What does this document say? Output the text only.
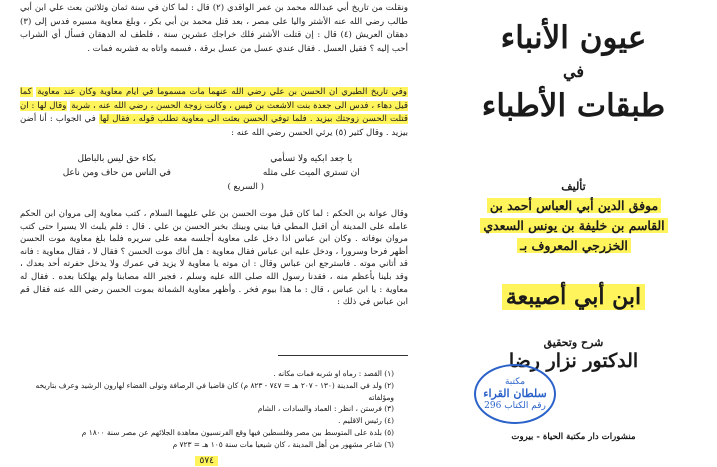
ونقلت من تاريخ أبي عبدالله محمد بن عمر الواقدي (٢) قال : لما كان في سنة ثمان وثلاثين بعث علي ابن أبي طالب رضي الله عنه الأشتر واليا على مصر ، بعد قتل محمد بن أبي بكر ، وبلغ معاوية مسيره فدس إلى (٣) دهقان العريش (٤) قال : إن قتلت الأشتر فلك خراجك عشرين سنة ، فلطف له الدهقان فسأل أي الشراب أحب إليه ؟ فقيل العسل . فقال عندي عسل من عسل برقة ، فسمه واتاه به فشربه فمات .

وفي تاريخ الطبري ان الحسن بن علي رضي الله عنهما مات مسموما في ايام معاوية وكان عند معاوية كما قيل دهاء ، فدس الى جعدة بنت الاشعث بن قيس ، وكانت زوجة الحسن ، رضي الله عنه ، شربة وقال لها : ان قتلت الحسن زوجتك بيزيد . فلما توفي الحسن بعثت الى معاوية تطلب قوله ، فقال لها في الجواب : أنا أضن بيزيد . وقال كثير (٥) يرثي الحسن رضي الله عنه :

يا جعد ابكيه ولا تسأمي
بكاء حق ليس بالباطل
ان تستري الميت على مثله
في الناس من حاف ومن ناعل
( السريع )

وقال عوانة بن الحكم : لما كان قبل موت الحسن بن علي عليهما السلام ، كتب معاوية إلى مروان ابن الحكم عامله على المدينة أن اقبل المطي فيا بيني وبينك بخبر الحسن بن علي . قال : فلم يلبث الا يسيرا حتى كتب مروان بوفاته . وكان ابن عباس اذا دخل على معاوية أجلسه معه على سريره فلما بلغ معاوية موت الحسن أظهر فرحا وسرورا ، ودخل عليه ابن عباس فقال معاوية : هل أتاك موت الحسن ؟ فقال لا ، فقال معاوية : فانه قد أتاني موته . فاسترجع ابن عباس وقال : ان موته يا معاوية لا يزيد في عمرك ولا يدخل حفرته أحد بعدك ، وقد بلينا بأعظم منه ، فقدنا رسول الله صلى الله عليه وسلم ، فجبر الله مصابنا ولم يهلكنا بعده . فقال له معاوية : يا ابن عباس ، قال : ما هذا بيوم فخر . وأظهر معاوية الشماتة بموت الحسن رضي الله عنه فقال قم ابن عباس في ذلك :

(١) القصد : رماه او شربه فمات مكانه .
(٢) ولد في المدينة (١٣٠ - ٢٠٧ هـ = ٧٤٧ - ٨٢٣ م) كان قاضيا في الرصافة وتولى القضاء لهارون الرشيد وعرف بتاريخه ومؤلفاته
(٣) فرستن ، انظر : العماد والسادات ، الشام
(٤) رئيس الاقليم .
(٥) بلدة على المتوسط بين مصر وفلسطين فيها وقع الفرنسيون معاهدة الجلائهم عن مصر سنة ١٨٠٠ م
(٦) شاعر مشهور من أهل المدينة ، كان شيعيا مات سنة ١٠٥ هـ = ٧٢٣ م
٥٧٤
عيون الأنباء
في
طبقات الأطباء
تأليف
موفق الدين أبي العباس أحمد بن
القاسم بن خليفة بن يونس السعدي
الخزرجي المعروف بـ
ابن أبي أصيبعة
شرح وتحقيق
الدكتور نزار رضا
مكتبة
سلطان القراء
رقم الكتاب 296
منشورات دار مكتبة الحياة - بيروت
